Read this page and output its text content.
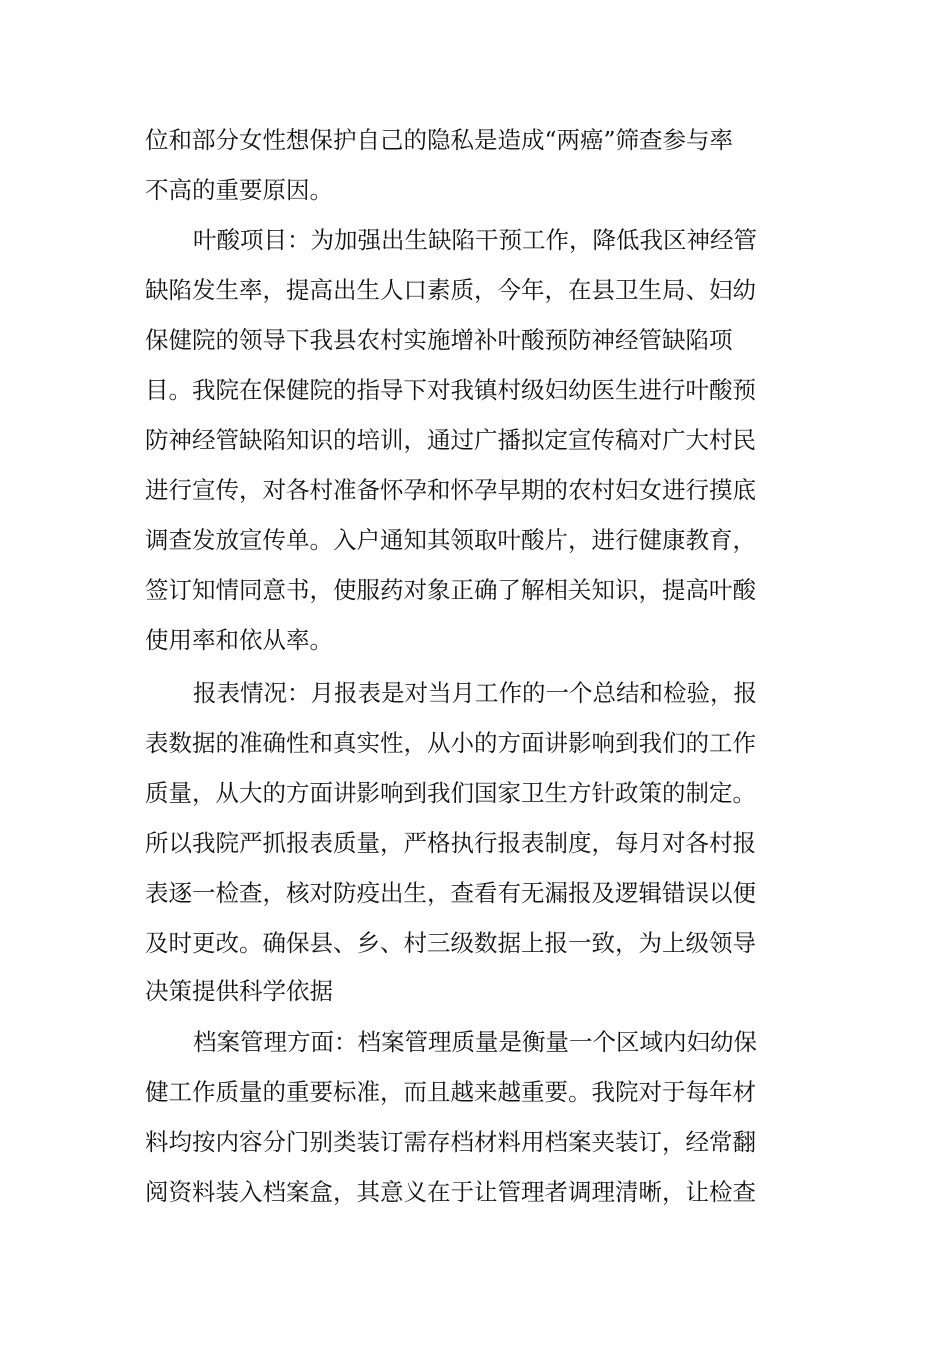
位和部分女性想保护自己的隐私是造成“两癌”筛查参与率
不高的重要原因。
叶酸项目：为加强出生缺陷干预工作，降低我区神经管
缺陷发生率，提高出生人口素质，今年，在县卫生局、妇幼
保健院的领导下我县农村实施增补叶酸预防神经管缺陷项
目。我院在保健院的指导下对我镇村级妇幼医生进行叶酸预
防神经管缺陷知识的培训，通过广播拟定宣传稿对广大村民
进行宣传，对各村准备怀孕和怀孕早期的农村妇女进行摸底
调查发放宣传单。入户通知其领取叶酸片，进行健康教育，
签订知情同意书，使服药对象正确了解相关知识，提高叶酸
使用率和依从率。
报表情况：月报表是对当月工作的一个总结和检验，报
表数据的准确性和真实性，从小的方面讲影响到我们的工作
质量，从大的方面讲影响到我们国家卫生方针政策的制定。
所以我院严抓报表质量，严格执行报表制度，每月对各村报
表逐一检查，核对防疫出生，查看有无漏报及逻辑错误以便
及时更改。确保县、乡、村三级数据上报一致，为上级领导
决策提供科学依据
档案管理方面：档案管理质量是衡量一个区域内妇幼保
健工作质量的重要标准，而且越来越重要。我院对于每年材
料均按内容分门别类装订需存档材料用档案夹装订，经常翻
阅资料装入档案盒，其意义在于让管理者调理清晰，让检查
